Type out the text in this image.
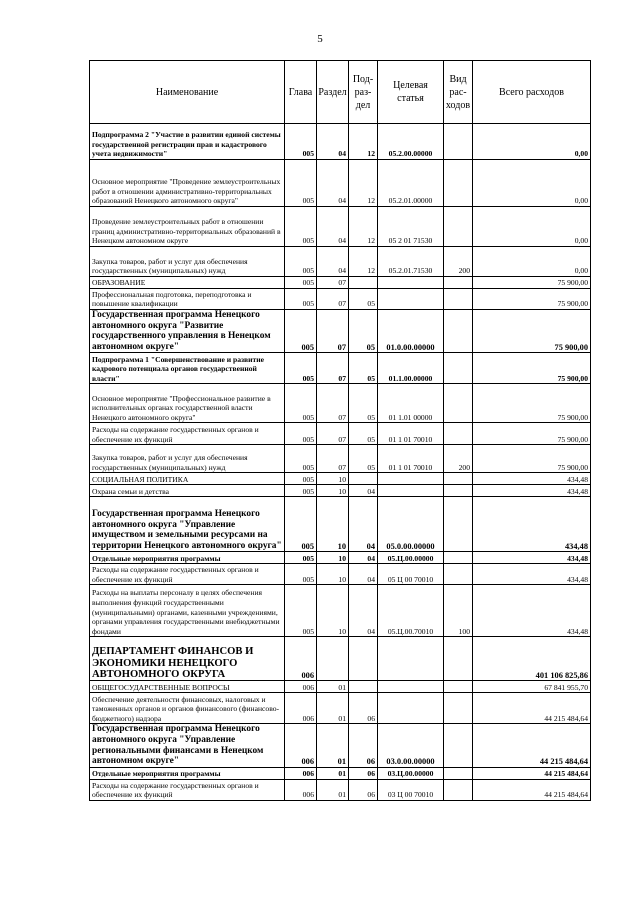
5
Наименование	Глава	Раздел	Под-раз-дел	Целевая статья	Вид рас-ходов	Всего расходов
Подпрограмма 2 "Участие в развитии единой системы государственной регистрации прав и кадастрового учета недвижимости"	005	04	12	05.2.00.00000		0,00
Основное мероприятие "Проведение землеустроительных работ в отношении административно-территориальных образований Ненецкого автономного округа"	005	04	12	05.2.01.00000		0,00
Проведение землеустроительных работ в отношении границ административно-территориальных образований в Ненецком автономном округе	005	04	12	05 2 01 71530		0,00
Закупка товаров, работ и услуг для обеспечения государственных (муниципальных) нужд	005	04	12	05.2.01.71530	200	0,00
ОБРАЗОВАНИЕ	005	07				75 900,00
Профессиональная подготовка, переподготовка и повышение квалификации	005	07	05			75 900,00
Государственная программа Ненецкого автономного округа "Развитие государственного управления в Ненецком автономном округе"	005	07	05	01.0.00.00000		75 900,00
Подпрограмма 1 "Совершенствование и развитие кадрового потенциала органов государственной власти"	005	07	05	01.1.00.00000		75 900,00
Основное мероприятие "Профессиональное развитие в исполнительных органах государственной власти Ненецкого автономного округа"	005	07	05	01 1.01 00000		75 900,00
Расходы на содержание государственных органов и обеспечение их функций	005	07	05	01 1 01 70010		75 900,00
Закупка товаров, работ и услуг для обеспечения государственных (муниципальных) нужд	005	07	05	01 1 01 70010	200	75 900,00
СОЦИАЛЬНАЯ ПОЛИТИКА	005	10				434,48
Охрана семьи и детства	005	10	04			434,48
Государственная программа Ненецкого автономного округа "Управление имуществом и земельными ресурсами на территории Ненецкого автономного округа"	005	10	04	05.0.00.00000		434,48
Отдельные мероприятия программы	005	10	04	05.Ц.00.00000		434,48
Расходы на содержание государственных органов и обеспечение их функций	005	10	04	05 Ц 00 70010		434,48
Расходы на выплаты персоналу в целях обеспечения выполнения функций государственными (муниципальными) органами, казенными учреждениями, органами управления государственными внебюджетными фондами	005	10	04	05.Ц.00.70010	100	434,48
ДЕПАРТАМЕНТ ФИНАНСОВ И ЭКОНОМИКИ НЕНЕЦКОГО АВТОНОМНОГО ОКРУГА	006					401 106 825,86
ОБЩЕГОСУДАРСТВЕННЫЕ ВОПРОСЫ	006	01				67 841 955,70
Обеспечение деятельности финансовых, налоговых и таможенных органов и органов финансового (финансово-бюджетного) надзора	006	01	06			44 215 484,64
Государственная программа Ненецкого автономного округа "Управление региональными финансами в Ненецком автономном округе"	006	01	06	03.0.00.00000		44 215 484,64
Отдельные мероприятия программы	006	01	06	03.Ц.00.00000		44 215 484,64
Расходы на содержание государственных органов и обеспечение их функций	006	01	06	03 Ц 00 70010		44 215 484,64
